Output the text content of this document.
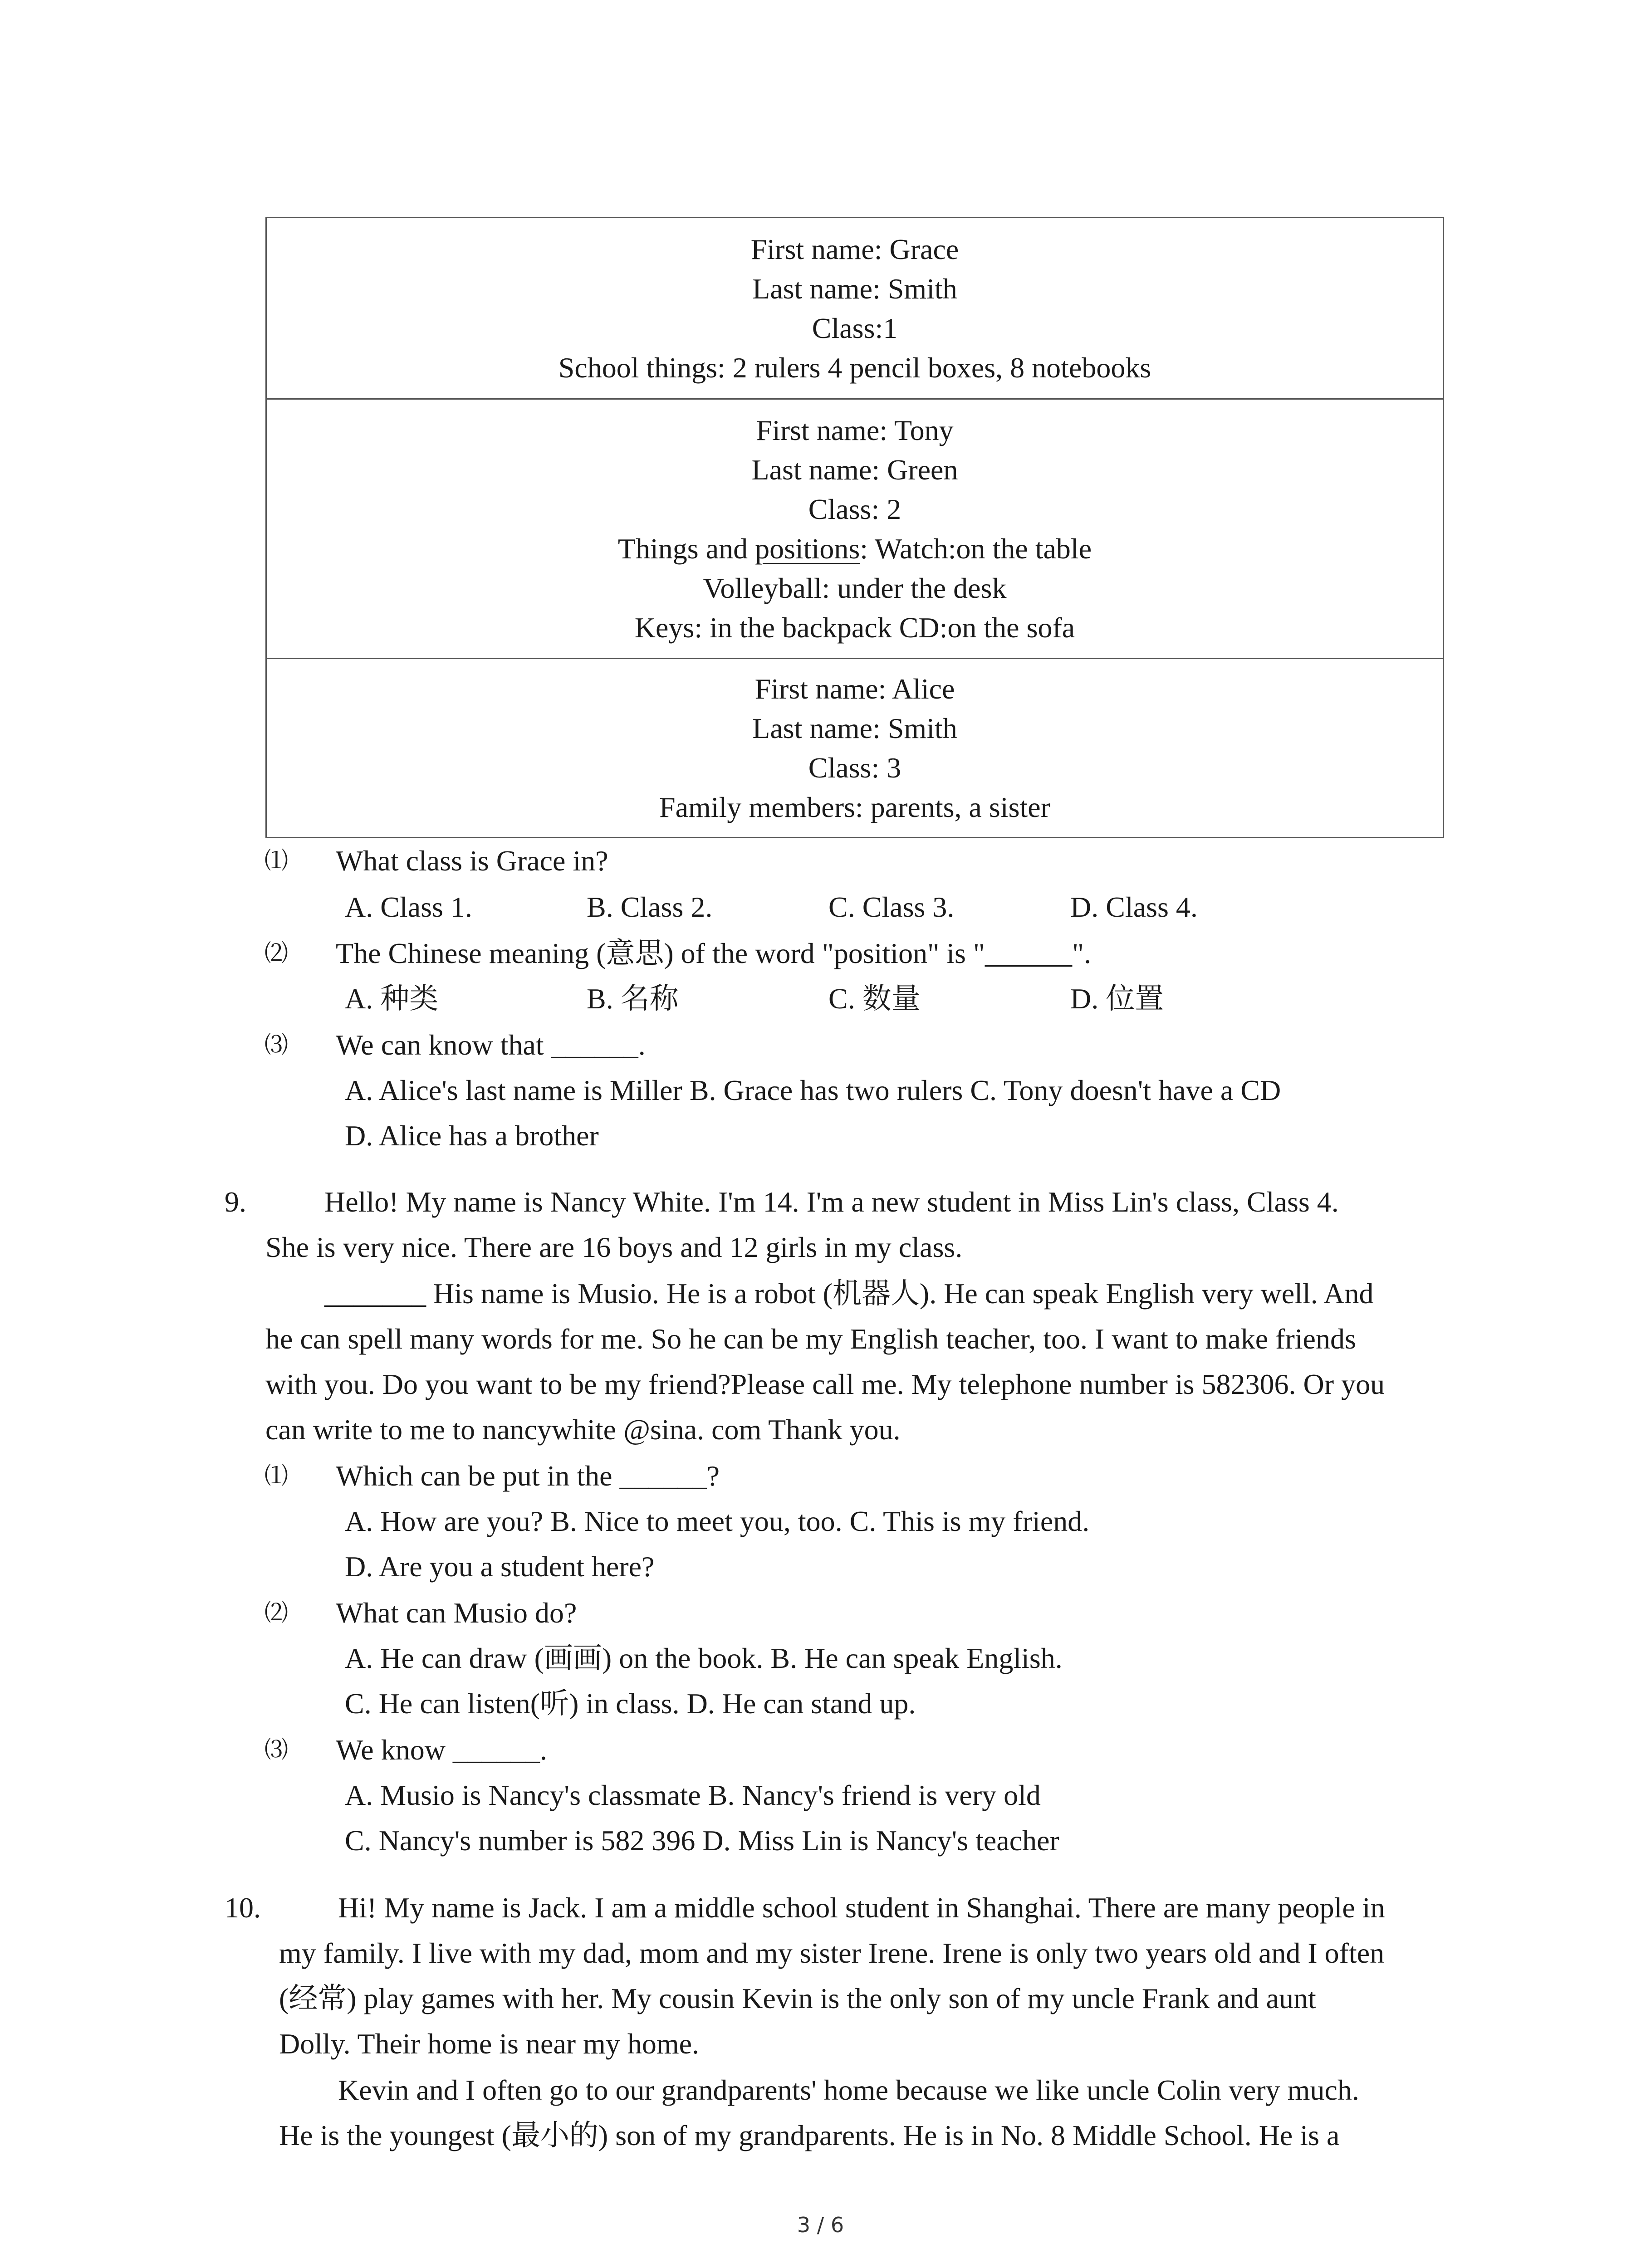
First name: Grace
Last name: Smith
Class:1
School things: 2 rulers 4 pencil boxes, 8 notebooks
First name: Tony
Last name: Green
Class: 2
Things and positions: Watch:on the table
Volleyball: under the desk
Keys: in the backpack CD:on the sofa
First name: Alice
Last name: Smith
Class: 3
Family members: parents, a sister
⑴ What class is Grace in?
A. Class 1.	B. Class 2.	C. Class 3.	D. Class 4.
⑵ The Chinese meaning (意思) of the word "position" is "______".
A. 种类	B. 名称	C. 数量	D. 位置
⑶ We can know that ______.
A. Alice's last name is Miller B. Grace has two rulers C. Tony doesn't have a CD
D. Alice has a brother
9.	Hello! My name is Nancy White. I'm 14. I'm a new student in Miss Lin's class, Class 4.
She is very nice. There are 16 boys and 12 girls in my class.
_______ His name is Musio. He is a robot (机器人). He can speak English very well. And
he can spell many words for me. So he can be my English teacher, too. I want to make friends
with you. Do you want to be my friend?Please call me. My telephone number is 582306. Or you
can write to me to nancywhite @sina. com Thank you.
⑴ Which can be put in the ______?
A. How are you? B. Nice to meet you, too. C. This is my friend.
D. Are you a student here?
⑵ What can Musio do?
A. He can draw (画画) on the book. B. He can speak English.
C. He can listen(听) in class. D. He can stand up.
⑶ We know ______.
A. Musio is Nancy's classmate B. Nancy's friend is very old
C. Nancy's number is 582 396 D. Miss Lin is Nancy's teacher
10.	Hi! My name is Jack. I am a middle school student in Shanghai. There are many people in
my family. I live with my dad, mom and my sister Irene. Irene is only two years old and I often
(经常) play games with her. My cousin Kevin is the only son of my uncle Frank and aunt
Dolly. Their home is near my home.
Kevin and I often go to our grandparents' home because we like uncle Colin very much.
He is the youngest (最小的) son of my grandparents. He is in No. 8 Middle School. He is a
3 / 6
